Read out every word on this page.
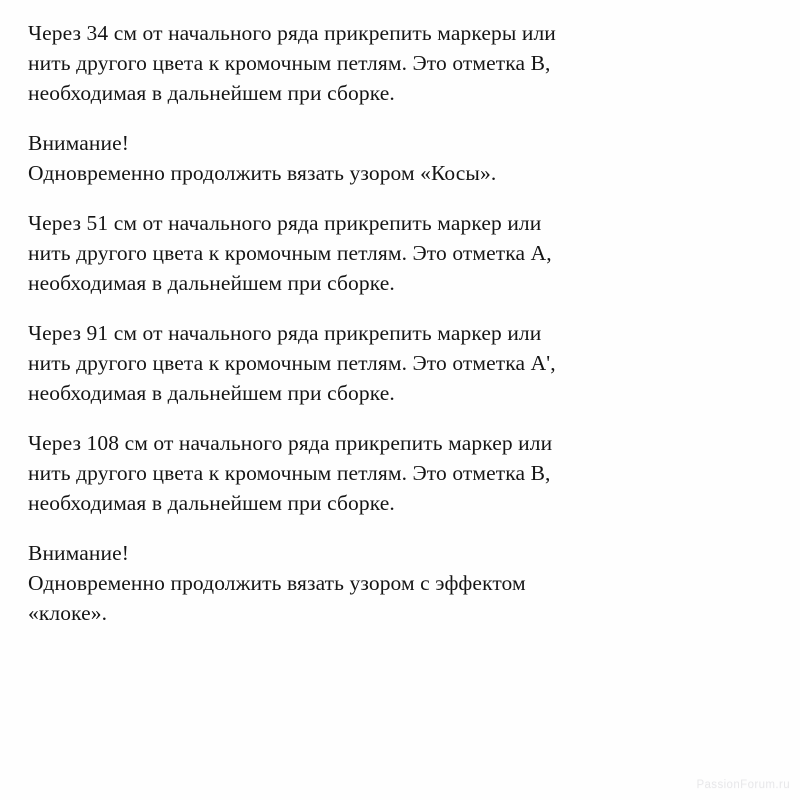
Через 34 см от начального ряда прикрепить маркеры или
нить другого цвета к кромочным петлям. Это отметка В,
необходимая в дальнейшем при сборке.
Внимание!
Одновременно продолжить вязать узором «Косы».
Через 51 см от начального ряда прикрепить маркер или
нить другого цвета к кромочным петлям. Это отметка А,
необходимая в дальнейшем при сборке.
Через 91 см от начального ряда прикрепить маркер или
нить другого цвета к кромочным петлям. Это отметка А',
необходимая в дальнейшем при сборке.
Через 108 см от начального ряда прикрепить маркер или
нить другого цвета к кромочным петлям. Это отметка В,
необходимая в дальнейшем при сборке.
Внимание!
Одновременно продолжить вязать узором с эффектом
«клоке».
PassionForum.ru
